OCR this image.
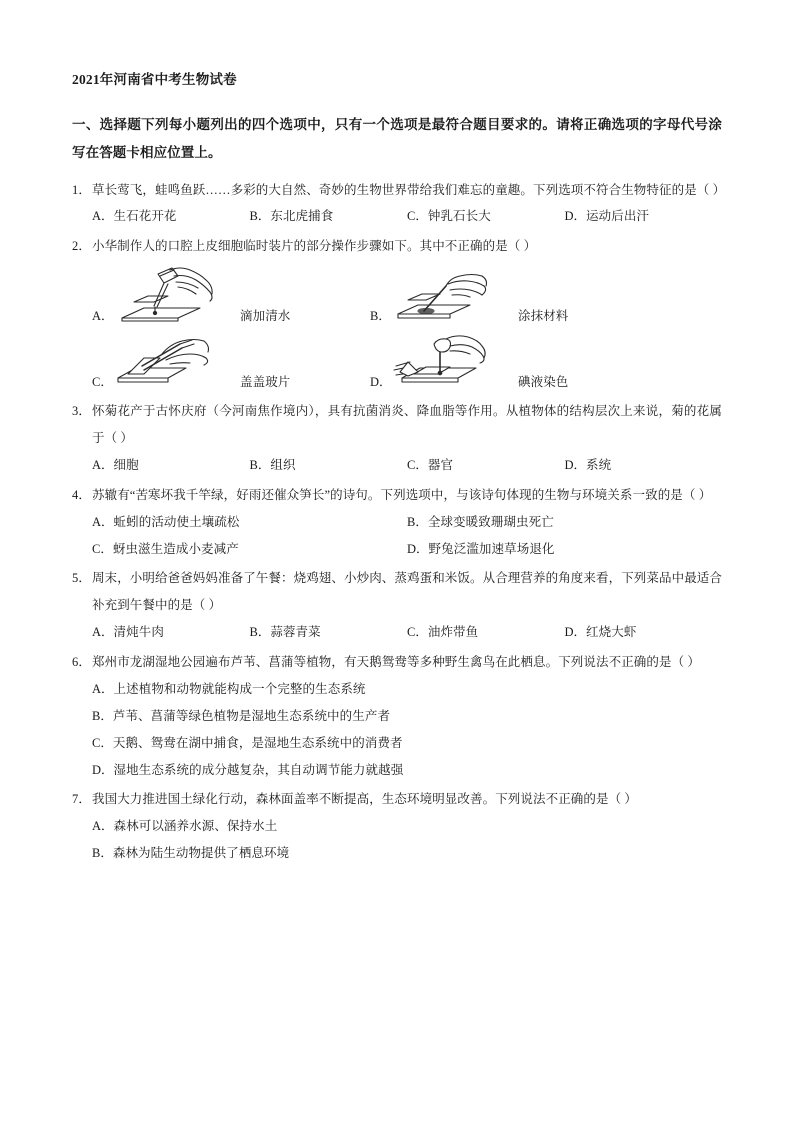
2021年河南省中考生物试卷
一、选择题下列每小题列出的四个选项中，只有一个选项是最符合题目要求的。请将正确选项的字母代号涂写在答题卡相应位置上。
1． 草长莺飞，蛙鸣鱼跃……多彩的大自然、奇妙的生物世界带给我们难忘的童趣。下列选项不符合生物特征的是（ ）
A．生石花开花	B．东北虎捕食	C．钟乳石长大	D．运动后出汗
2． 小华制作人的口腔上皮细胞临时装片的部分操作步骤如下。其中不正确的是（ ）
A．	滴加清水	B．	涂抹材料
C．	盖盖玻片	D．	碘液染色
3． 怀菊花产于古怀庆府（今河南焦作境内），具有抗菌消炎、降血脂等作用。从植物体的结构层次上来说，菊的花属于（ ）
A．细胞	B．组织	C．器官	D．系统
4． 苏辙有“苦寒坏我千竿绿，好雨还催众笋长”的诗句。下列选项中，与该诗句体现的生物与环境关系一致的是（ ）
A．蚯蚓的活动使土壤疏松	B．全球变暖致珊瑚虫死亡
C．蚜虫滋生造成小麦减产	D．野兔泛滥加速草场退化
5． 周末，小明给爸爸妈妈准备了午餐：烧鸡翅、小炒肉、蒸鸡蛋和米饭。从合理营养的角度来看，下列菜品中最适合补充到午餐中的是（ ）
A．清炖牛肉	B．蒜蓉青菜	C．油炸带鱼	D．红烧大虾
6． 郑州市龙湖湿地公园遍布芦苇、菖蒲等植物，有天鹅鸳鸯等多种野生禽鸟在此栖息。下列说法不正确的是（ ）
A．上述植物和动物就能构成一个完整的生态系统
B．芦苇、菖蒲等绿色植物是湿地生态系统中的生产者
C．天鹅、鸳鸯在湖中捕食，是湿地生态系统中的消费者
D．湿地生态系统的成分越复杂，其自动调节能力就越强
7． 我国大力推进国土绿化行动，森林面盖率不断提高，生态环境明显改善。下列说法不正确的是（ ）
A．森林可以涵养水源、保持水土
B．森林为陆生动物提供了栖息环境
